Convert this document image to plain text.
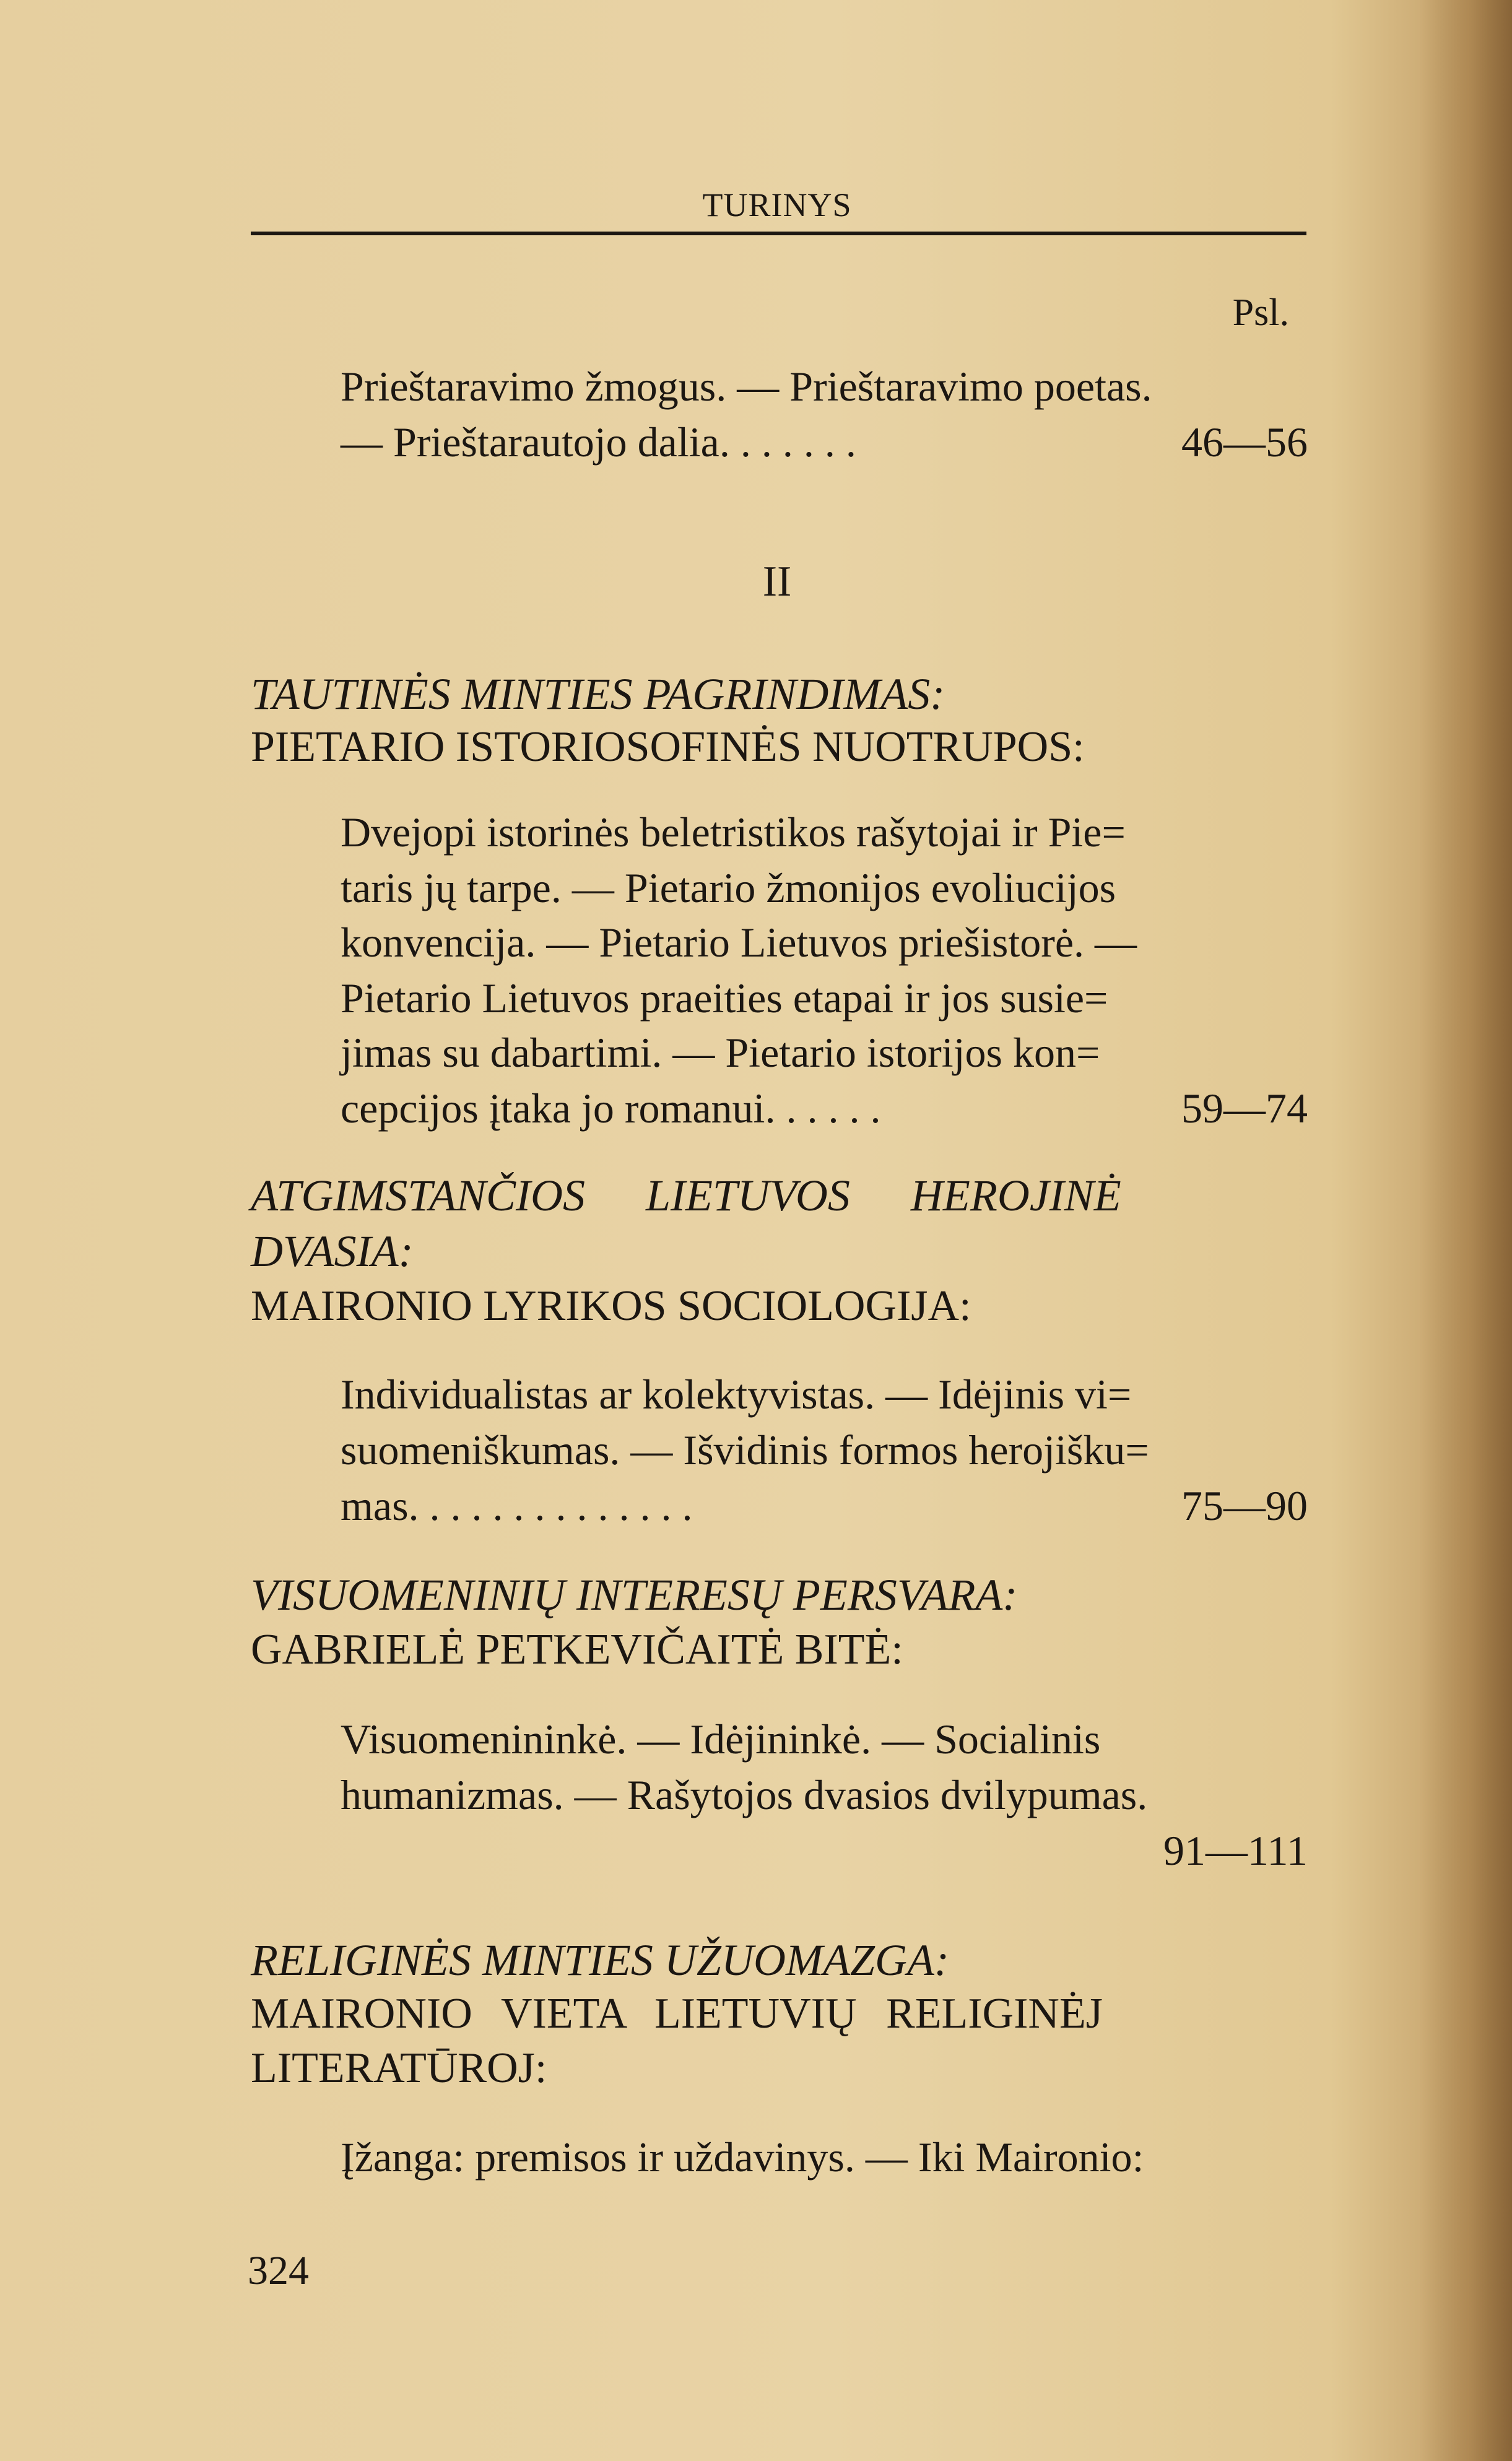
TURINYS
Psl.
Prieštaravimo žmogus. — Prieštaravimo poetas.
— Prieštarautojo dalia. . . . . . .	46—56
II
TAUTINĖS MINTIES PAGRINDIMAS:
PIETARIO ISTORIOSOFINĖS NUOTRUPOS:
Dvejopi istorinės beletristikos rašytojai ir Pie=
taris jų tarpe. — Pietario žmonijos evoliucijos
konvencija. — Pietario Lietuvos priešistorė. —
Pietario Lietuvos praeities etapai ir jos susie=
jimas su dabartimi. — Pietario istorijos kon=
cepcijos įtaka jo romanui. . . . . .	59—74
ATGIMSTANČIOS LIETUVOS HEROJINĖ
DVASIA:
MAIRONIO LYRIKOS SOCIOLOGIJA:
Individualistas ar kolektyvistas. — Idėjinis vi=
suomeniškumas. — Išvidinis formos herojišku=
mas. . . . . . . . . . . . . .	75—90
VISUOMENINIŲ INTERESŲ PERSVARA:
GABRIELĖ PETKEVIČAITĖ BITĖ:
Visuomenininkė. — Idėjininkė. — Socialinis
humanizmas. — Rašytojos dvasios dvilypumas.
91—111
RELIGINĖS MINTIES UŽUOMAZGA:
MAIRONIO VIETA LIETUVIŲ RELIGINĖJ
LITERATŪROJ:
Įžanga: premisos ir uždavinys. — Iki Maironio:
324
